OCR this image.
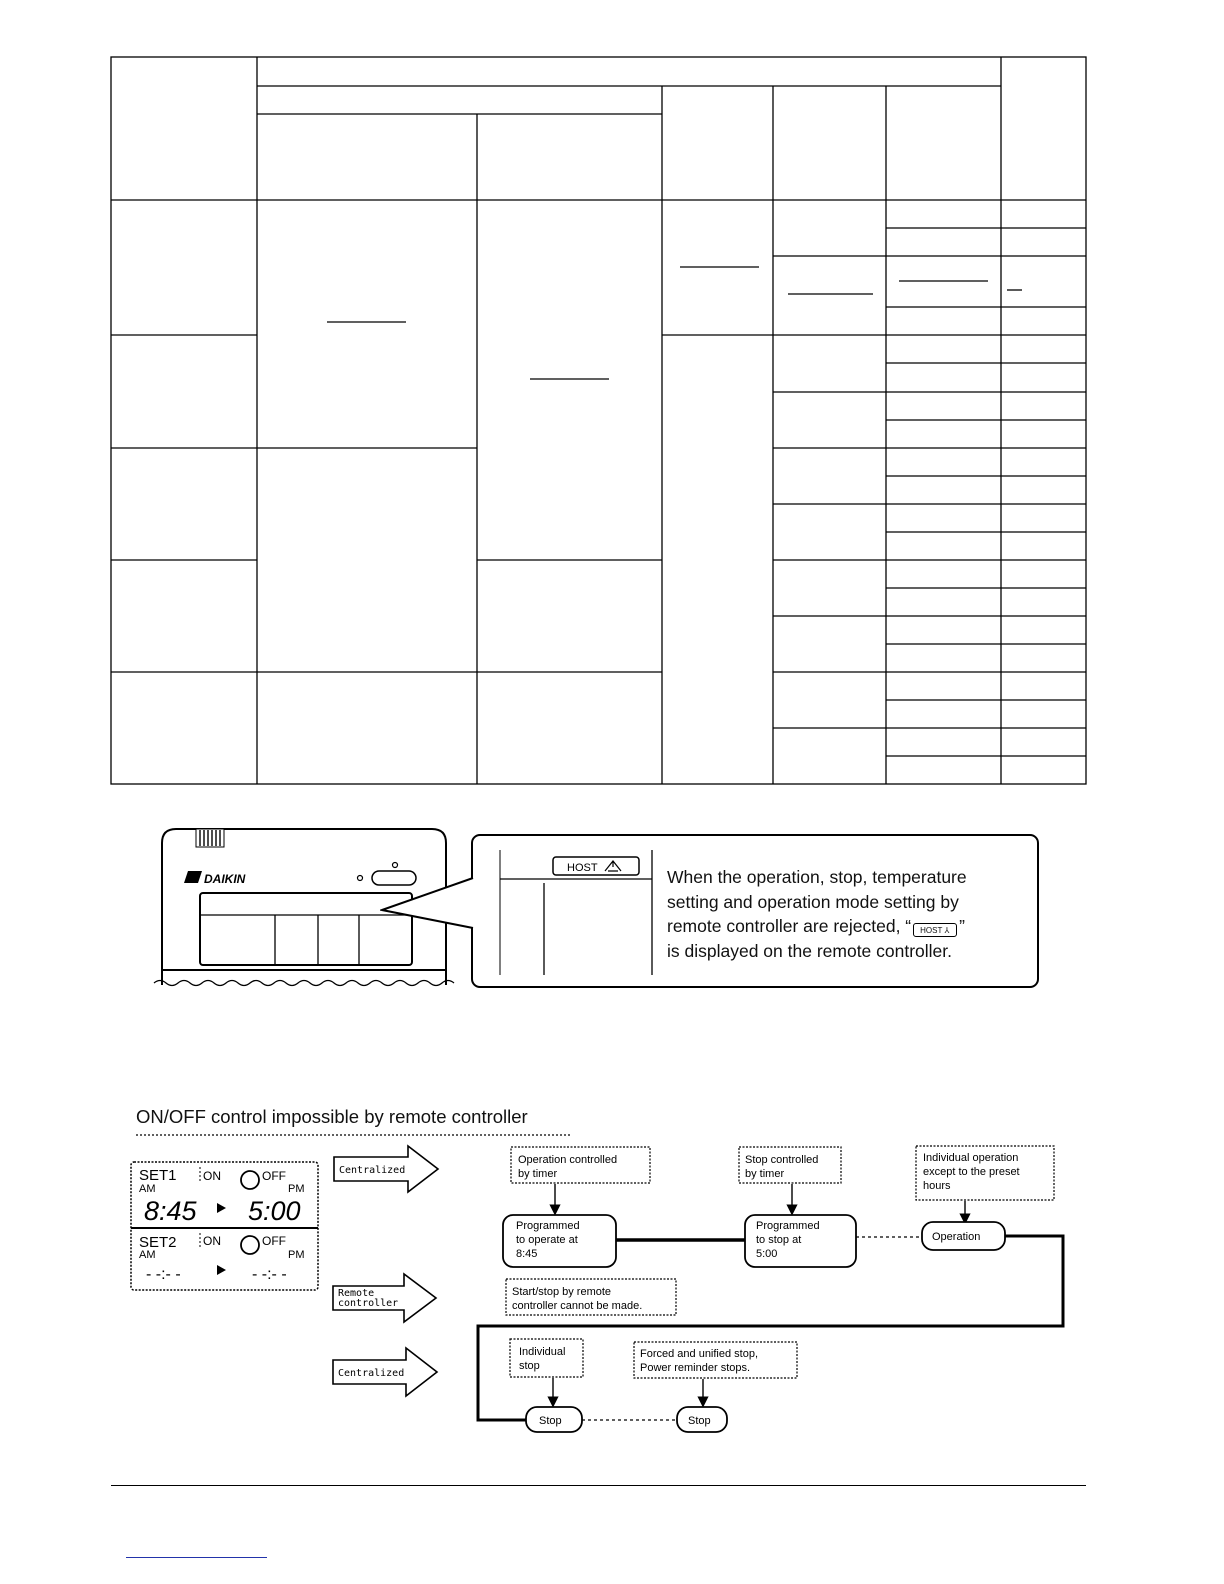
DAIKIN
HOST	When the operation, stop, temperature
setting and operation mode setting by
remote controller are rejected, “ HOST ⅄ ”
is displayed on the remote controller.
ON/OFF control impossible by remote controller
SET1
AM
ON	OFF
PM
8:45 5:00
SET2
AM
ON	OFF
PM
- -:- -	- -:- -
Centralized
Remote
controller
Centralized
Operation controlled
by timer
Stop controlled
by timer
Individual operation
except to the preset
hours
Start/stop by remote
controller cannot be made.
Individual
stop
Forced and unified stop,
Power reminder stops.
Programmed
to operate at
8:45
Programmed
to stop at
5:00
Operation
Stop	Stop
